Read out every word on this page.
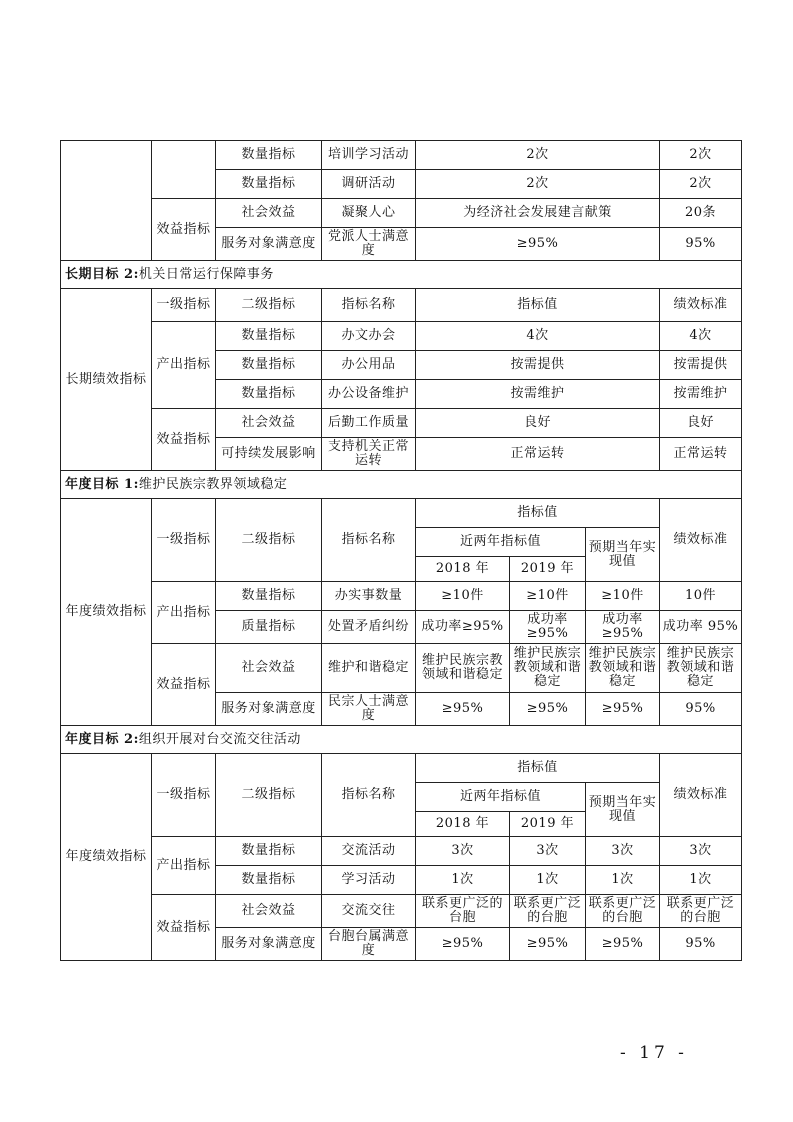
		数量指标	培训学习活动	2次			2次
		数量指标	调研活动	2次			2次
	效益指标	社会效益	凝聚人心	为经济社会发展建言献策			20条
		服务对象满意度	党派人士满意度	≥95%			95%
长期目标 2:机关日常运行保障事务							
长期绩效指标	一级指标	二级指标	指标名称	指标值			绩效标准
	产出指标	数量指标	办文办会	4次			4次
		数量指标	办公用品	按需提供			按需提供
		数量指标	办公设备维护	按需维护			按需维护
	效益指标	社会效益	后勤工作质量	良好			良好
		可持续发展影响	支持机关正常运转	正常运转			正常运转
年度目标 1:维护民族宗教界领域稳定							
年度绩效指标	一级指标	二级指标	指标名称	指标值			绩效标准
				近两年指标值		预期当年实现值	
				2018 年	2019 年		
	产出指标	数量指标	办实事数量	≥10件	≥10件	≥10件	10件
		质量指标	处置矛盾纠纷	成功率≥95%	成功率≥95%	成功率≥95%	成功率 95%
	效益指标	社会效益	维护和谐稳定	维护民族宗教领域和谐稳定	维护民族宗教领域和谐稳定	维护民族宗教领域和谐稳定	维护民族宗教领域和谐稳定
		服务对象满意度	民宗人士满意度	≥95%	≥95%	≥95%	95%
年度目标 2:组织开展对台交流交往活动							
年度绩效指标	一级指标	二级指标	指标名称	指标值			绩效标准
				近两年指标值		预期当年实现值	
				2018 年	2019 年		
	产出指标	数量指标	交流活动	3次	3次	3次	3次
		数量指标	学习活动	1次	1次	1次	1次
	效益指标	社会效益	交流交往	联系更广泛的台胞	联系更广泛的台胞	联系更广泛的台胞	联系更广泛的台胞
		服务对象满意度	台胞台属满意度	≥95%	≥95%	≥95%	95%
- 17 -
